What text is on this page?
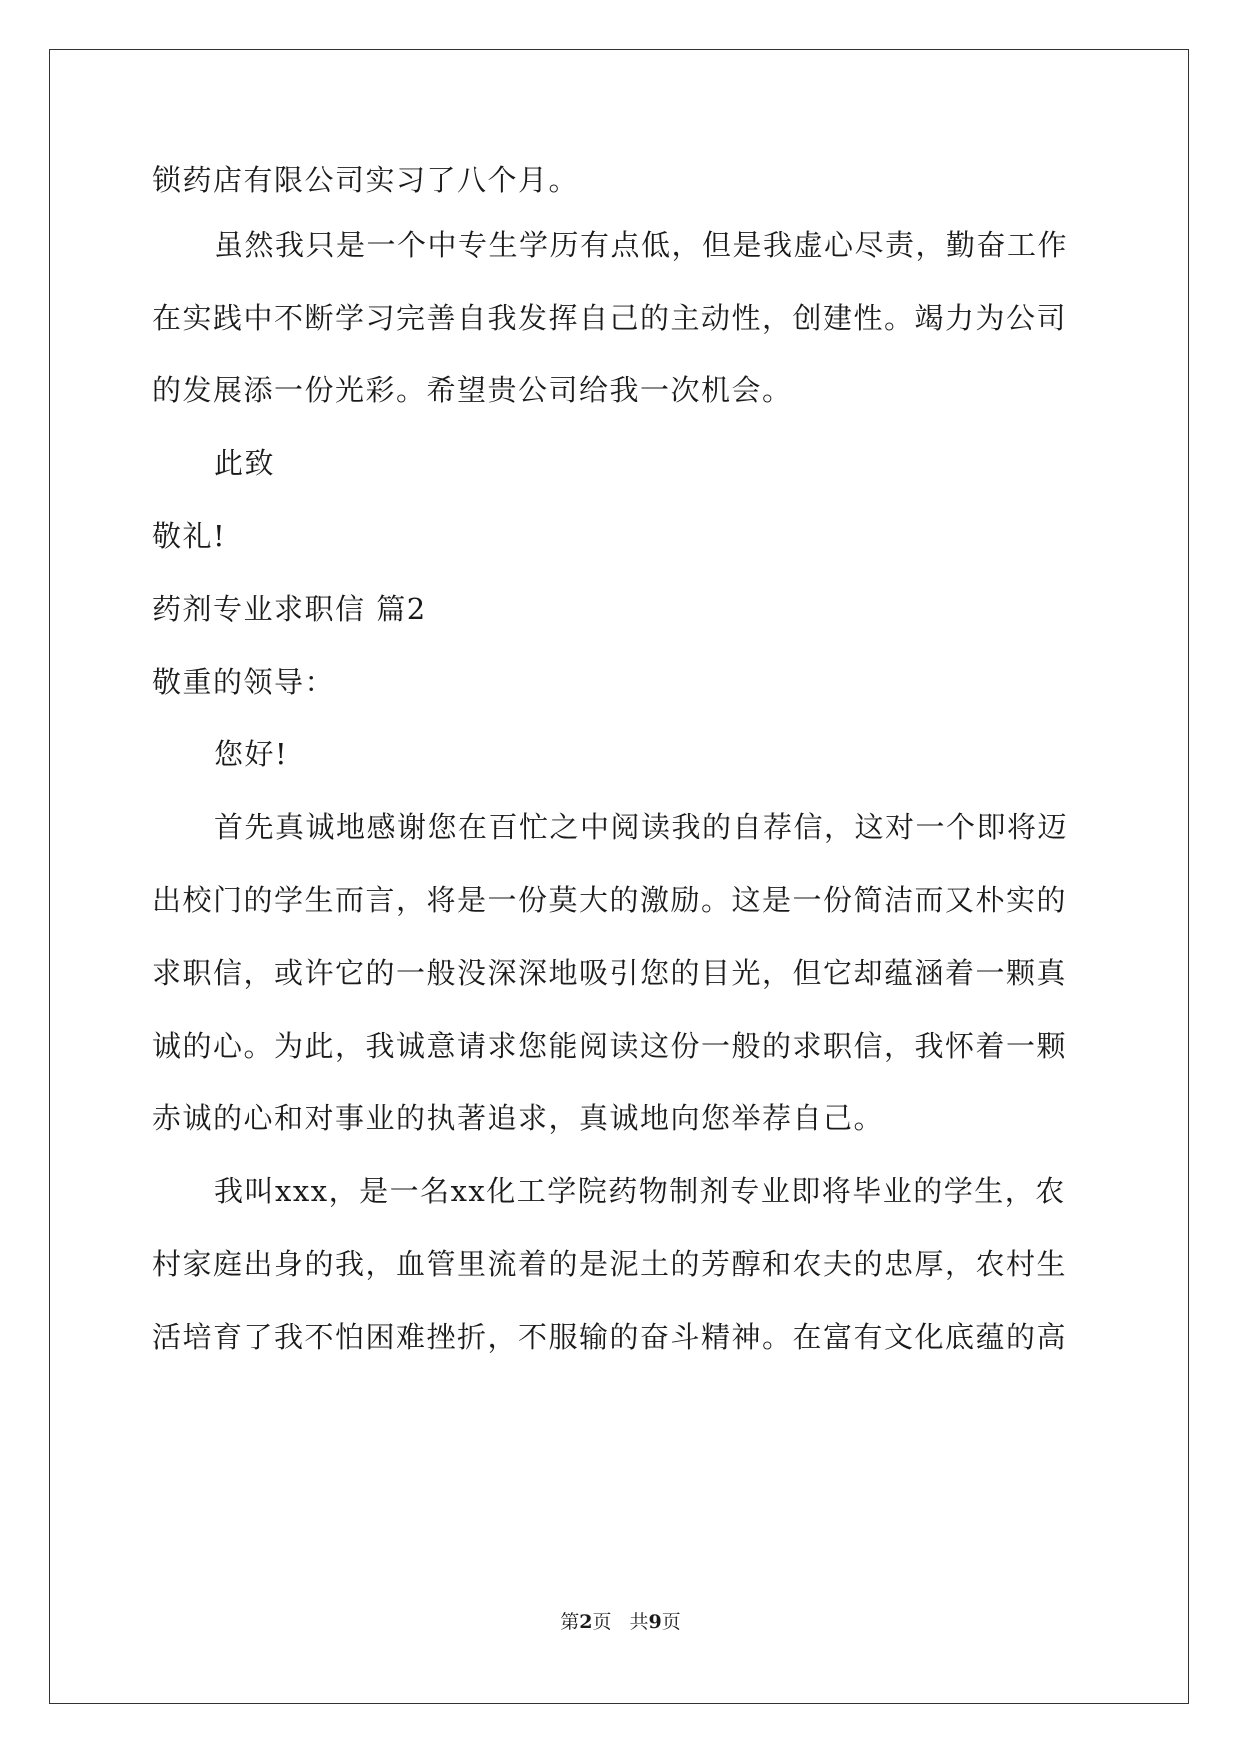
锁药店有限公司实习了八个月。
虽然我只是一个中专生学历有点低，但是我虚心尽责，勤奋工作
在实践中不断学习完善自我发挥自己的主动性，创建性。竭力为公司
的发展添一份光彩。希望贵公司给我一次机会。
此致
敬礼!
药剂专业求职信 篇2
敬重的领导：
您好!
首先真诚地感谢您在百忙之中阅读我的自荐信，这对一个即将迈
出校门的学生而言，将是一份莫大的激励。这是一份简洁而又朴实的
求职信，或许它的一般没深深地吸引您的目光，但它却蕴涵着一颗真
诚的心。为此，我诚意请求您能阅读这份一般的求职信，我怀着一颗
赤诚的心和对事业的执著追求，真诚地向您举荐自己。
我叫xxx，是一名xx化工学院药物制剂专业即将毕业的学生，农
村家庭出身的我，血管里流着的是泥土的芳醇和农夫的忠厚，农村生
活培育了我不怕困难挫折，不服输的奋斗精神。在富有文化底蕴的高
第2页 共9页
